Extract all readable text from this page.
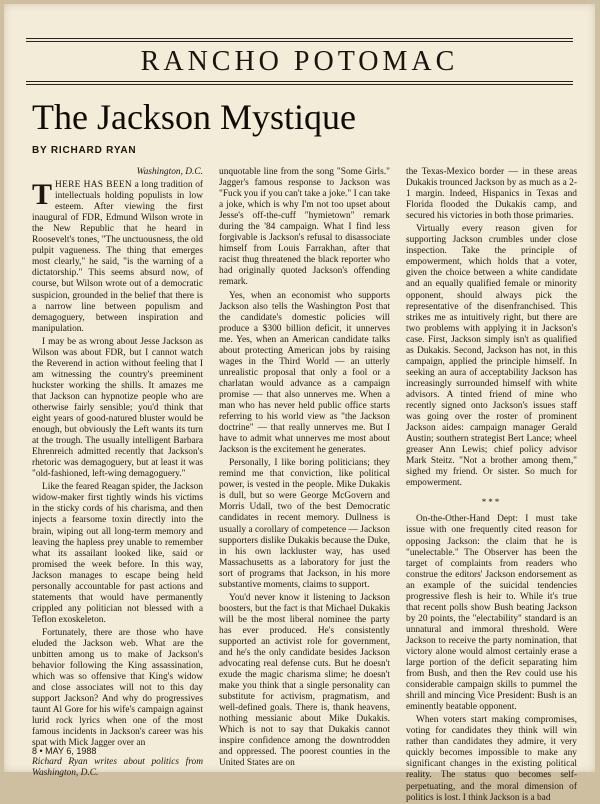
RANCHO POTOMAC
The Jackson Mystique
BY RICHARD RYAN

Washington, D.C.

THERE HAS BEEN a long tradition of intellectuals holding populists in low esteem. After viewing the first inaugural of FDR, Edmund Wilson wrote in the New Republic that he heard in Roosevelt's tones, "The unctuousness, the old pulpit vagueness. The thing that emerges most clearly," he said, "is the warning of a dictatorship." This seems absurd now, of course, but Wilson wrote out of a democratic suspicion, grounded in the belief that there is a narrow line between populism and demagoguery, between inspiration and manipulation.

I may be as wrong about Jesse Jackson as Wilson was about FDR, but I cannot watch the Reverend in action without feeling that I am witnessing the country's preeminent huckster working the shills. It amazes me that Jackson can hypnotize people who are otherwise fairly sensible; you'd think that eight years of good-natured bluster would be enough, but obviously the Left wants its turn at the trough. The usually intelligent Barbara Ehrenreich admitted recently that Jackson's rhetoric was demagoguery, but at least it was "old-fashioned, left-wing demagoguery."

Like the feared Reagan spider, the Jackson widow-maker first tightly winds his victims in the sticky cords of his charisma, and then injects a fearsome toxin directly into the brain, wiping out all long-term memory and leaving the hapless prey unable to remember what its assailant looked like, said or promised the week before. In this way, Jackson manages to escape being held personally accountable for past actions and statements that would have permanently crippled any politician not blessed with a Teflon exoskeleton.

Fortunately, there are those who have eluded the Jackson web. What are the unbitten among us to make of Jackson's behavior following the King assassination, which was so offensive that King's widow and close associates will not to this day support Jackson? And why do progressives taunt Al Gore for his wife's campaign against lurid rock lyrics when one of the most famous incidents in Jackson's career was his spat with Mick Jagger over an

Richard Ryan writes about politics from Washington, D.C.

unquotable line from the song "Some Girls." Jagger's famous response to Jackson was "Fuck you if you can't take a joke." I can take a joke, which is why I'm not too upset about Jesse's off-the-cuff "hymietown" remark during the '84 campaign. What I find less forgivable is Jackson's refusal to disassociate himself from Louis Farrakhan, after that racist thug threatened the black reporter who had originally quoted Jackson's offending remark.

Yes, when an economist who supports Jackson also tells the Washington Post that the candidate's domestic policies will produce a $300 billion deficit, it unnerves me. Yes, when an American candidate talks about protecting American jobs by raising wages in the Third World — an utterly unrealistic proposal that only a fool or a charlatan would advance as a campaign promise — that also unnerves me. When a man who has never held public office starts referring to his world view as "the Jackson doctrine" — that really unnerves me. But I have to admit what unnerves me most about Jackson is the excitement he generates.

Personally, I like boring politicians; they remind me that conviction, like political power, is vested in the people. Mike Dukakis is dull, but so were George McGovern and Morris Udall, two of the best Democratic candidates in recent memory. Dullness is usually a corollary of competence — Jackson supporters dislike Dukakis because the Duke, in his own lackluster way, has used Massachusetts as a laboratory for just the sort of programs that Jackson, in his more substantive moments, claims to support.

You'd never know it listening to Jackson boosters, but the fact is that Michael Dukakis will be the most liberal nominee the party has ever produced. He's consistently supported an activist role for government, and he's the only candidate besides Jackson advocating real defense cuts. But he doesn't exude the magic charisma slime; he doesn't make you think that a single personality can substitute for activism, pragmatism, and well-defined goals. There is, thank heavens, nothing messianic about Mike Dukakis. Which is not to say that Dukakis cannot inspire confidence among the downtrodden and oppressed. The poorest counties in the United States are on

the Texas-Mexico border — in these areas Dukakis trounced Jackson by as much as a 2-1 margin. Indeed, Hispanics in Texas and Florida flooded the Dukakis camp, and secured his victories in both those primaries.

Virtually every reason given for supporting Jackson crumbles under close inspection. Take the principle of empowerment, which holds that a voter, given the choice between a white candidate and an equally qualified female or minority opponent, should always pick the representative of the disenfranchised. This strikes me as intuitively right, but there are two problems with applying it in Jackson's case. First, Jackson simply isn't as qualified as Dukakis. Second, Jackson has not, in this campaign, applied the principle himself. In seeking an aura of acceptability Jackson has increasingly surrounded himself with white advisors. A tinted friend of mine who recently signed onto Jackson's issues staff was going over the roster of prominent Jackson aides: campaign manager Gerald Austin; southern strategist Bert Lance; wheel greaser Ann Lewis; chief policy advisor Mark Steitz. "Not a brother among them," sighed my friend. Or sister. So much for empowerment.

***

On-the-Other-Hand Dept: I must take issue with one frequently cited reason for opposing Jackson: the claim that he is "unelectable." The Observer has been the target of complaints from readers who construe the editors' Jackson endorsement as an example of the suicidal tendencies progressive flesh is heir to. While it's true that recent polls show Bush beating Jackson by 20 points, the "electability" standard is an unnatural and immoral threshold. Were Jackson to receive the party nomination, that victory alone would almost certainly erase a large portion of the deficit separating him from Bush, and then the Rev could use his considerable campaign skills to pummel the shrill and mincing Vice President: Bush is an eminently beatable opponent.

When voters start making compromises, voting for candidates they think will win rather than candidates they admire, it very quickly becomes impossible to make any significant changes in the existing political reality. The status quo becomes self-perpetuating, and the moral dimension of politics is lost. I think Jackson is a bad

8 • MAY 6, 1988
